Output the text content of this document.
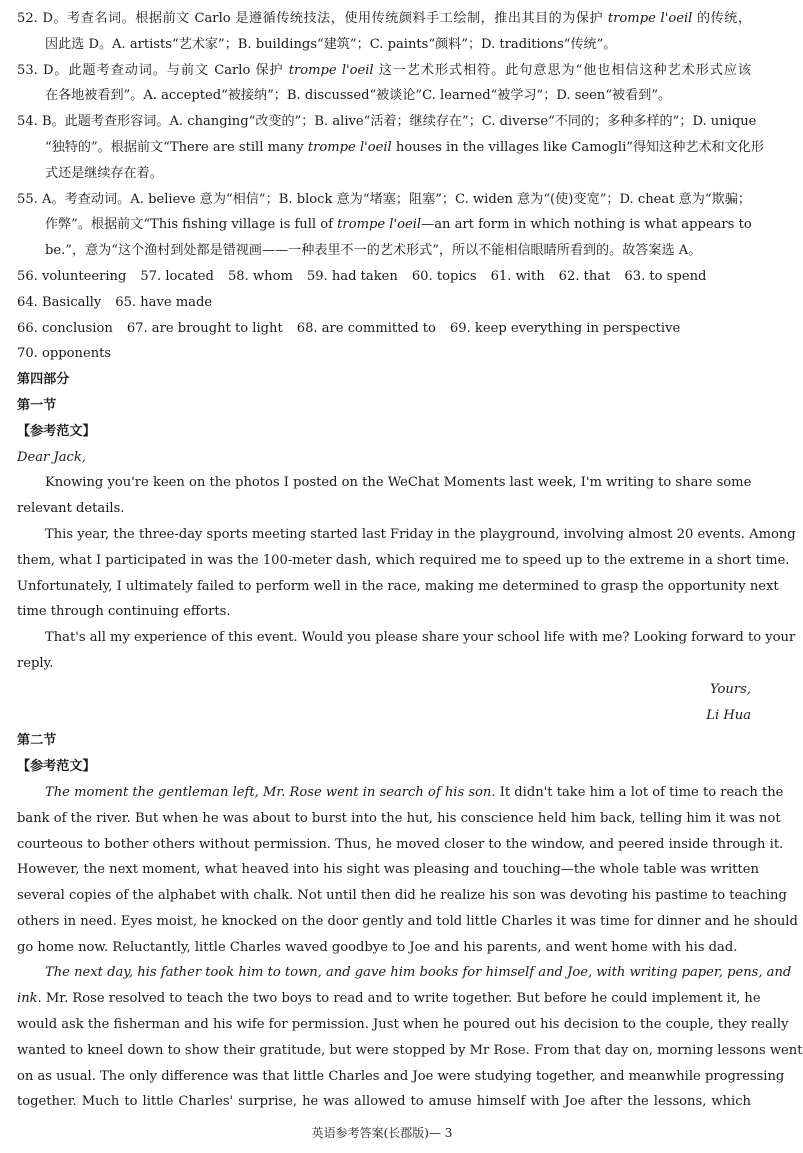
52. D。考查名词。根据前文 Carlo 是遵循传统技法，使用传统颜料手工绘制，推出其目的为保护 trompe l'oeil 的传统，
因此选 D。A. artists“艺术家”；B. buildings“建筑”；C. paints“颜料”；D. traditions“传统”。
53. D。此题考查动词。与前文 Carlo 保护 trompe l'oeil 这一艺术形式相符。此句意思为“他也相信这种艺术形式应该
在各地被看到”。A. accepted“被接纳”；B. discussed“被谈论”C. learned“被学习”；D. seen“被看到”。
54. B。此题考查形容词。A. changing“改变的”；B. alive“活着；继续存在”；C. diverse“不同的；多种多样的”；D. unique
“独特的”。根据前文“There are still many trompe l'oeil houses in the villages like Camogli”得知这种艺术和文化形
式还是继续存在着。
55. A。考查动词。A. believe 意为“相信”；B. block 意为“堵塞；阻塞”；C. widen 意为“(使)变宽”；D. cheat 意为“欺骗；
作弊”。根据前文“This fishing village is full of trompe l'oeil—an art form in which nothing is what appears to
be.”，意为“这个渔村到处都是错视画——一种表里不一的艺术形式”，所以不能相信眼睛所看到的。故答案选 A。
56. volunteering 57. located 58. whom 59. had taken 60. topics 61. with 62. that 63. to spend
64. Basically 65. have made
66. conclusion 67. are brought to light 68. are committed to 69. keep everything in perspective
70. opponents
第四部分
第一节
【参考范文】
Dear Jack,
Knowing you're keen on the photos I posted on the WeChat Moments last week, I'm writing to share some
relevant details.
This year, the three-day sports meeting started last Friday in the playground, involving almost 20 events. Among
them, what I participated in was the 100-meter dash, which required me to speed up to the extreme in a short time.
Unfortunately, I ultimately failed to perform well in the race, making me determined to grasp the opportunity next
time through continuing efforts.
That's all my experience of this event. Would you please share your school life with me? Looking forward to your
reply.
Yours,
Li Hua
第二节
【参考范文】
The moment the gentleman left, Mr. Rose went in search of his son. It didn't take him a lot of time to reach the
bank of the river. But when he was about to burst into the hut, his conscience held him back, telling him it was not
courteous to bother others without permission. Thus, he moved closer to the window, and peered inside through it.
However, the next moment, what heaved into his sight was pleasing and touching—the whole table was written
several copies of the alphabet with chalk. Not until then did he realize his son was devoting his pastime to teaching
others in need. Eyes moist, he knocked on the door gently and told little Charles it was time for dinner and he should
go home now. Reluctantly, little Charles waved goodbye to Joe and his parents, and went home with his dad.
The next day, his father took him to town, and gave him books for himself and Joe, with writing paper, pens, and
ink. Mr. Rose resolved to teach the two boys to read and to write together. But before he could implement it, he
would ask the fisherman and his wife for permission. Just when he poured out his decision to the couple, they really
wanted to kneel down to show their gratitude, but were stopped by Mr Rose. From that day on, morning lessons went
on as usual. The only difference was that little Charles and Joe were studying together, and meanwhile progressing
together. Much to little Charles' surprise, he was allowed to amuse himself with Joe after the lessons, which
英语参考答案(长郡版)— 3
